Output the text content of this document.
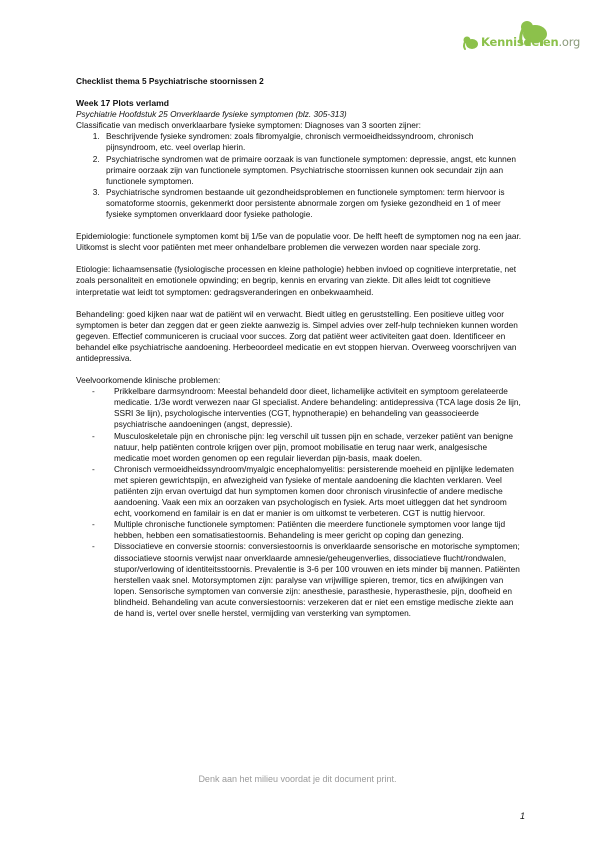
Kennisdelen.org

Checklist thema 5 Psychiatrische stoornissen 2

Week 17 Plots verlamd

Psychiatrie Hoofdstuk 25 Onverklaarde fysieke symptomen (blz. 305-313)

Classificatie van medisch onverklaarbare fysieke symptomen: Diagnoses van 3 soorten zijner:

1. Beschrijvende fysieke syndromen: zoals fibromyalgie, chronisch vermoeidheidssyndroom, chronisch pijnsyndroom, etc. veel overlap hierin.
2. Psychiatrische syndromen wat de primaire oorzaak is van functionele symptomen: depressie, angst, etc kunnen primaire oorzaak zijn van functionele symptomen. Psychiatrische stoornissen kunnen ook secundair zijn aan functionele symptomen.
3. Psychiatrische syndromen bestaande uit gezondheidsproblemen en functionele symptomen: term hiervoor is somatoforme stoornis, gekenmerkt door persistente abnormale zorgen om fysieke gezondheid en 1 of meer fysieke symptomen onverklaard door fysieke pathologie.

Epidemiologie: functionele symptomen komt bij 1/5e van de populatie voor. De helft heeft de symptomen nog na een jaar. Uitkomst is slecht voor patiënten met meer onhandelbare problemen die verwezen worden naar speciale zorg.

Etiologie: lichaamsensatie (fysiologische processen en kleine pathologie) hebben invloed op cognitieve interpretatie, net zoals personaliteit en emotionele opwinding; en begrip, kennis en ervaring van ziekte. Dit alles leidt tot cognitieve interpretatie wat leidt tot symptomen: gedragsveranderingen en onbekwaamheid.

Behandeling: goed kijken naar wat de patiënt wil en verwacht. Biedt uitleg en geruststelling. Een positieve uitleg voor symptomen is beter dan zeggen dat er geen ziekte aanwezig is. Simpel advies over zelf-hulp technieken kunnen worden gegeven. Effectief communiceren is cruciaal voor succes. Zorg dat patiënt weer activiteiten gaat doen. Identificeer en behandel elke psychiatrische aandoening. Herbeoordeel medicatie en evt stoppen hiervan. Overweeg voorschrijven van antidepressiva.

Veelvoorkomende klinische problemen:

- Prikkelbare darmsyndroom: Meestal behandeld door dieet, lichamelijke activiteit en symptoom gerelateerde medicatie. 1/3e wordt verwezen naar GI specialist. Andere behandeling: antidepressiva (TCA lage dosis 2e lijn, SSRI 3e lijn), psychologische interventies (CGT, hypnotherapie) en behandeling van geassocieerde psychiatrische aandoeningen (angst, depressie).
- Musculoskeletale pijn en chronische pijn: leg verschil uit tussen pijn en schade, verzeker patiënt van benigne natuur, help patiënten controle krijgen over pijn, promoot mobilisatie en terug naar werk, analgesische medicatie moet worden genomen op een regulair lieverdan pijn-basis, maak doelen.
- Chronisch vermoeidheidssyndroom/myalgic encephalomyelitis: persisterende moeheid en pijnlijke ledematen met spieren gewrichtspijn, en afwezigheid van fysieke of mentale aandoening die klachten verklaren. Veel patiënten zijn ervan overtuigd dat hun symptomen komen door chronisch virusinfectie of andere medische aandoening. Vaak een mix an oorzaken van psychologisch en fysiek. Arts moet uitleggen dat het syndroom echt, voorkomend en familair is en dat er manier is om uitkomst te verbeteren. CGT is nuttig hiervoor.
- Multiple chronische functionele symptomen: Patiënten die meerdere functionele symptomen voor lange tijd hebben, hebben een somatisatiestoornis. Behandeling is meer gericht op coping dan genezing.
- Dissociatieve en conversie stoornis: conversiestoornis is onverklaarde sensorische en motorische symptomen; dissociatieve stoornis verwijst naar onverklaarde amnesie/geheugenverlies, dissociatieve flucht/rondwalen, stupor/verlowing of identiteitsstoornis. Prevalentie is 3-6 per 100 vrouwen en iets minder bij mannen. Patiënten herstellen vaak snel. Motorsymptomen zijn: paralyse van vrijwillige spieren, tremor, tics en afwijkingen van lopen. Sensorische symptomen van conversie zijn: anesthesie, parasthesie, hyperasthesie, pijn, doofheid en blindheid. Behandeling van acute conversiestoornis: verzekeren dat er niet een emstige medische ziekte aan de hand is, vertel over snelle herstel, vermijding van versterking van symptomen.
Denk aan het milieu voordat je dit document print.
1
